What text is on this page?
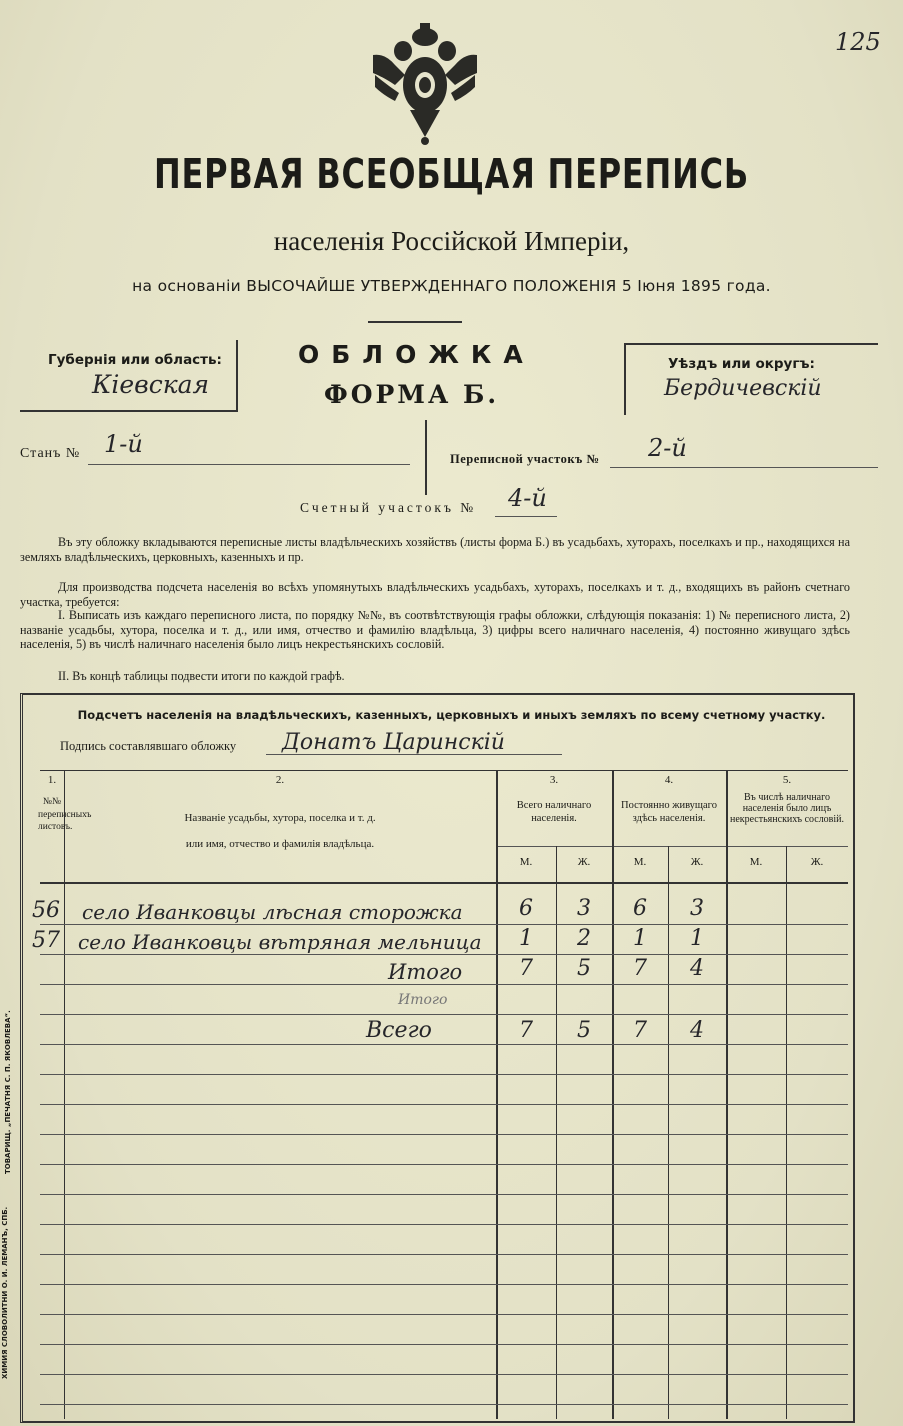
125
ПЕРВАЯ ВСЕОБЩАЯ ПЕРЕПИСЬ
населенія Россійской Имперіи,
на основаніи ВЫСОЧАЙШЕ УТВЕРЖДЕННАГО ПОЛОЖЕНІЯ 5 Іюня 1895 года.
Губернія или область:
Кіевская
Уѣздъ или округъ:
Бердичевскій
ОБЛОЖКА
ФОРМА Б.
Станъ № 1-й
Переписной участокъ № 2-й
Счетный участокъ № 4-й
Въ эту обложку вкладываются переписные листы владѣльческихъ хозяйствъ (листы форма Б.) въ усадьбахъ, хуторахъ, поселкахъ и пр., находящихся на земляхъ владѣльческихъ, церковныхъ, казенныхъ и пр.
Для производства подсчета населенія во всѣхъ упомянутыхъ владѣльческихъ усадьбахъ, хуторахъ, поселкахъ и т. д., входящихъ въ районъ счетнаго участка, требуется:
I. Выписать изъ каждаго переписного листа, по порядку №№, въ соотвѣтствующія графы обложки, слѣдующія показанія: 1) № переписного листа, 2) названіе усадьбы, хутора, поселка и т. д., или имя, отчество и фамилію владѣльца, 3) цифры всего наличнаго населенія, 4) постоянно живущаго здѣсь населенія, 5) въ числѣ наличнаго населенія было лицъ некрестьянскихъ сословій.
II. Въ концѣ таблицы подвести итоги по каждой графѣ.
Подсчетъ населенія на владѣльческихъ, казенныхъ, церковныхъ и иныхъ земляхъ по всему счетному участку.
Подпись составлявшаго обложку Донатъ Царинскій
1.	2.	3.	4.	5.
№№ переписныхъ листовъ.
Названіе усадьбы, хутора, поселка и т. д.
или имя, отчество и фамилія владѣльца.
Всего наличнаго населенія.
Постоянно живущаго здѣсь населенія.
Въ числѣ наличнаго населенія было лицъ некрестьянскихъ сословій.
М.	Ж.	М.	Ж.	М.	Ж.
56	село Иванковцы лѣсная сторожка	6	3	6	3
57 село Иванковцы вѣтряная мельница	1	2	1	1
Итого	7	5	7	4
Итого
Всего	7	5	7	4
ТОВАРИЩ. „ПЕЧАТНЯ С. П. ЯКОВЛЕВА“.
ХИМИЯ СЛОВОЛИТНИ О. И. ЛЕМАНЪ, СПБ.
